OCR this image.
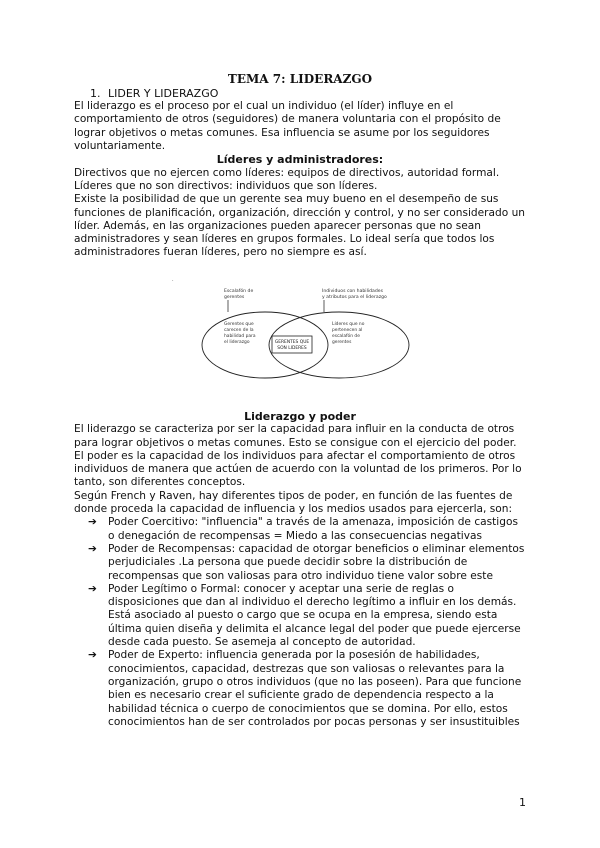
TEMA 7: LIDERAZGO
1. LIDER Y LIDERAZGO

El liderazgo es el proceso por el cual un individuo (el líder) influye en el comportamiento de otros (seguidores) de manera voluntaria con el propósito de lograr objetivos o metas comunes. Esa influencia se asume por los seguidores voluntariamente.

Líderes y administradores:

Directivos que no ejercen como líderes: equipos de directivos, autoridad formal.

Líderes que no son directivos: individuos que son líderes.

Existe la posibilidad de que un gerente sea muy bueno en el desempeño de sus funciones de planificación, organización, dirección y control, y no ser considerado un líder. Además, en las organizaciones pueden aparecer personas que no sean administradores y sean líderes en grupos formales. Lo ideal sería que todos los administradores fueran líderes, pero no siempre es así.

.
Escalafón de
gerentes
Individuos con habilidades
y atributos para el liderazgo
Gerentes que
carecen de la
habilidad para
el liderazgo	GERENTES QUE
SON LIDERES
Líderes que no
pertenecen al
escalafón de
gerentes
Liderazgo y poder

El liderazgo se caracteriza por ser la capacidad para influir en la conducta de otros para lograr objetivos o metas comunes. Esto se consigue con el ejercicio del poder.

El poder es la capacidad de los individuos para afectar el comportamiento de otros individuos de manera que actúen de acuerdo con la voluntad de los primeros. Por lo tanto, son diferentes conceptos.

Según French y Raven, hay diferentes tipos de poder, en función de las fuentes de donde proceda la capacidad de influencia y los medios usados para ejercerla, son:

➔ Poder Coercitivo: "influencia" a través de la amenaza, imposición de castigos o denegación de recompensas = Miedo a las consecuencias negativas
➔ Poder de Recompensas: capacidad de otorgar beneficios o eliminar elementos perjudiciales .La persona que puede decidir sobre la distribución de recompensas que son valiosas para otro individuo tiene valor sobre este
➔ Poder Legítimo o Formal: conocer y aceptar una serie de reglas o disposiciones que dan al individuo el derecho legítimo a influir en los demás. Está asociado al puesto o cargo que se ocupa en la empresa, siendo esta última quien diseña y delimita el alcance legal del poder que puede ejercerse desde cada puesto. Se asemeja al concepto de autoridad.
➔ Poder de Experto: influencia generada por la posesión de habilidades, conocimientos, capacidad, destrezas que son valiosas o relevantes para la organización, grupo o otros individuos (que no las poseen). Para que funcione bien es necesario crear el suficiente grado de dependencia respecto a la habilidad técnica o cuerpo de conocimientos que se domina. Por ello, estos conocimientos han de ser controlados por pocas personas y ser insustituibles
1
